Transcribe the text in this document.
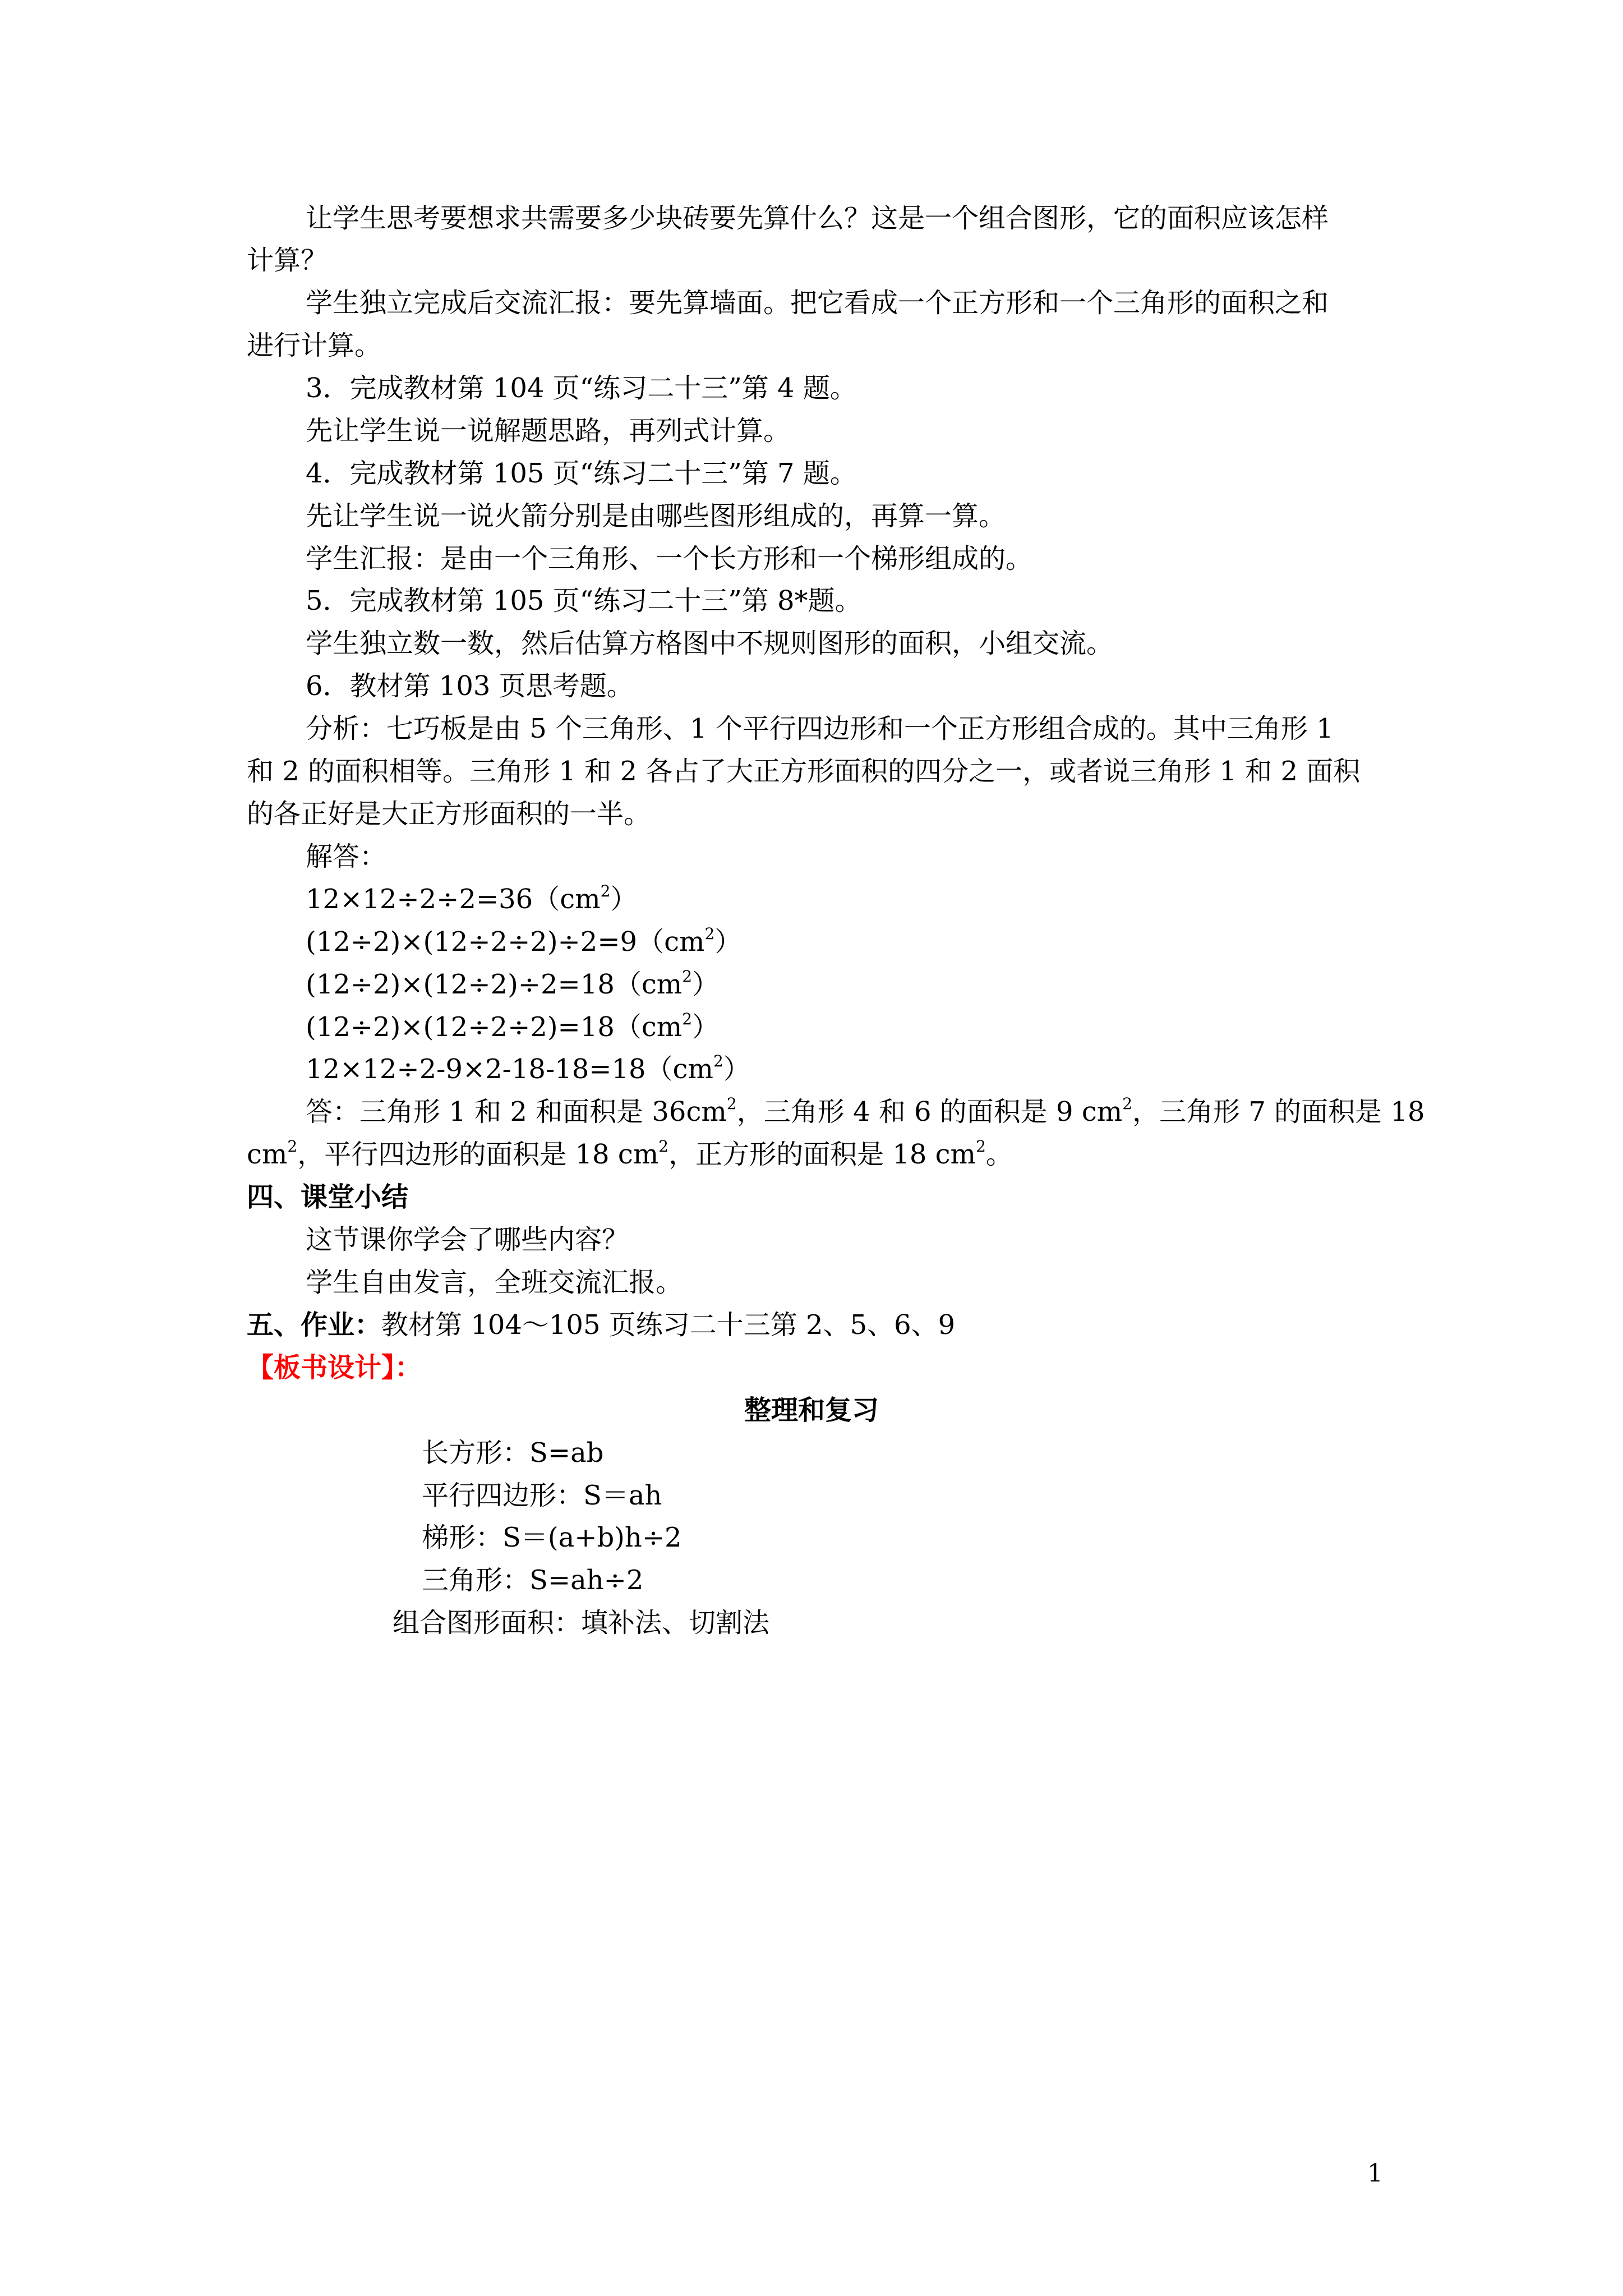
让学生思考要想求共需要多少块砖要先算什么？这是一个组合图形，它的面积应该怎样
计算？
学生独立完成后交流汇报：要先算墙面。把它看成一个正方形和一个三角形的面积之和
进行计算。
3．完成教材第 104 页“练习二十三”第 4 题。
先让学生说一说解题思路，再列式计算。
4．完成教材第 105 页“练习二十三”第 7 题。
先让学生说一说火箭分别是由哪些图形组成的，再算一算。
学生汇报：是由一个三角形、一个长方形和一个梯形组成的。
5．完成教材第 105 页“练习二十三”第 8*题。
学生独立数一数，然后估算方格图中不规则图形的面积，小组交流。
6．教材第 103 页思考题。
分析：七巧板是由 5 个三角形、1 个平行四边形和一个正方形组合成的。其中三角形 1
和 2 的面积相等。三角形 1 和 2 各占了大正方形面积的四分之一，或者说三角形 1 和 2 面积
的各正好是大正方形面积的一半。
解答：
$12\times 12\div 2\div 2=36(cm^2)$
$(12\div 2)\times(12\div 2\div 2)\div 2=9(cm^2)$
$(12\div 2)\times(12\div 2)\div 2=18(cm^2)$
$(12\div 2)\times(12\div 2\div 2)=18(cm^2)$
$12\times 12\div 2-9\times 2-18-18=18(cm^2)$
答：三角形 1 和 2 和面积是 $36cm^2$，三角形 4 和 6 的面积是 9 $cm^2$，三角形 7 的面积是 18
$cm^2$，平行四边形的面积是 18 $cm^2$，正方形的面积是 18 $cm^2$。
四、课堂小结
这节课你学会了哪些内容？
学生自由发言，全班交流汇报。
五、作业：教材第 104～105 页练习二十三第 2、5、6、9
【板书设计】：
整理和复习
长方形：S=ab
平行四边形：S＝ah
梯形：S＝(a+b)h÷2
三角形：S=ah÷2
组合图形面积：填补法、切割法
1
